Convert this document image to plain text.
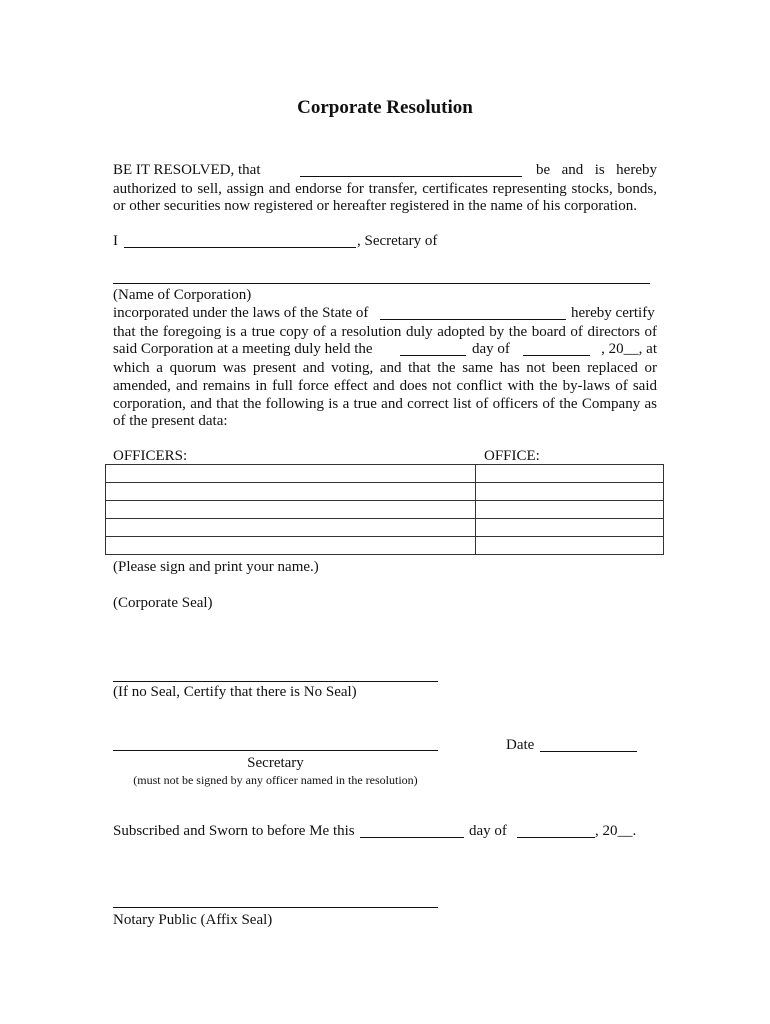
Corporate Resolution
BE IT RESOLVED, that	be and is hereby
authorized to sell, assign and endorse for transfer, certificates representing stocks, bonds,
or other securities now registered or hereafter registered in the name of his corporation.
I	, Secretary of
(Name of Corporation)
incorporated under the laws of the State of	hereby certify
that the foregoing is a true copy of a resolution duly adopted by the board of directors of
said Corporation at a meeting duly held the	day of	, 20__, at
which a quorum was present and voting, and that the same has not been replaced or
amended, and remains in full force effect and does not conflict with the by-laws of said
corporation, and that the following is a true and correct list of officers of the Company as
of the present data:
OFFICERS:	OFFICE:

(Please sign and print your name.)
(Corporate Seal)
(If no Seal, Certify that there is No Seal)
Date
Secretary
(must not be signed by any officer named in the resolution)
Subscribed and Sworn to before Me this	day of	, 20__.
Notary Public (Affix Seal)
